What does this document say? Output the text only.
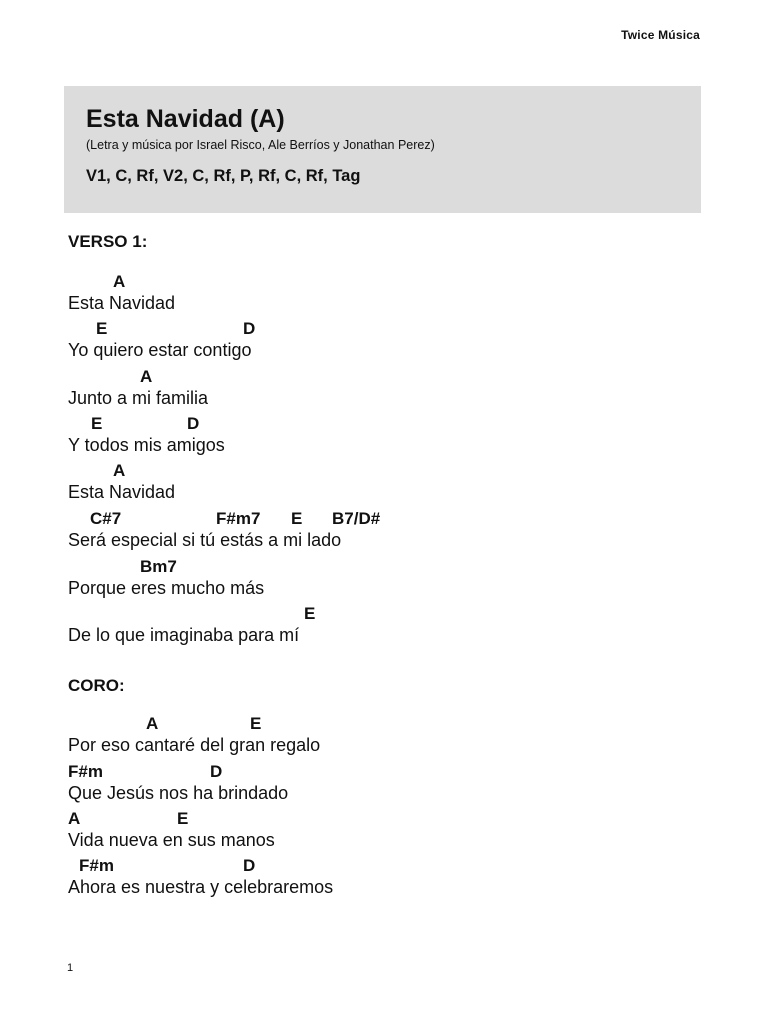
Twice Música
Esta Navidad (A)
(Letra y música por Israel Risco, Ale Berríos y Jonathan Perez)
V1, C, Rf, V2, C, Rf, P, Rf, C, Rf, Tag
VERSO 1:
A
Esta Navidad
E	D
Yo quiero estar contigo
A
Junto a mi familia
E	D
Y todos mis amigos
A
Esta Navidad
C#7	F#m7 E B7/D#
Será especial si tú estás a mi lado
Bm7
Porque eres mucho más
E
De lo que imaginaba para mí
CORO:
A	E
Por eso cantaré del gran regalo
F#m	D
Que Jesús nos ha brindado
A	E
Vida nueva en sus manos
F#m	D
Ahora es nuestra y celebraremos
1
